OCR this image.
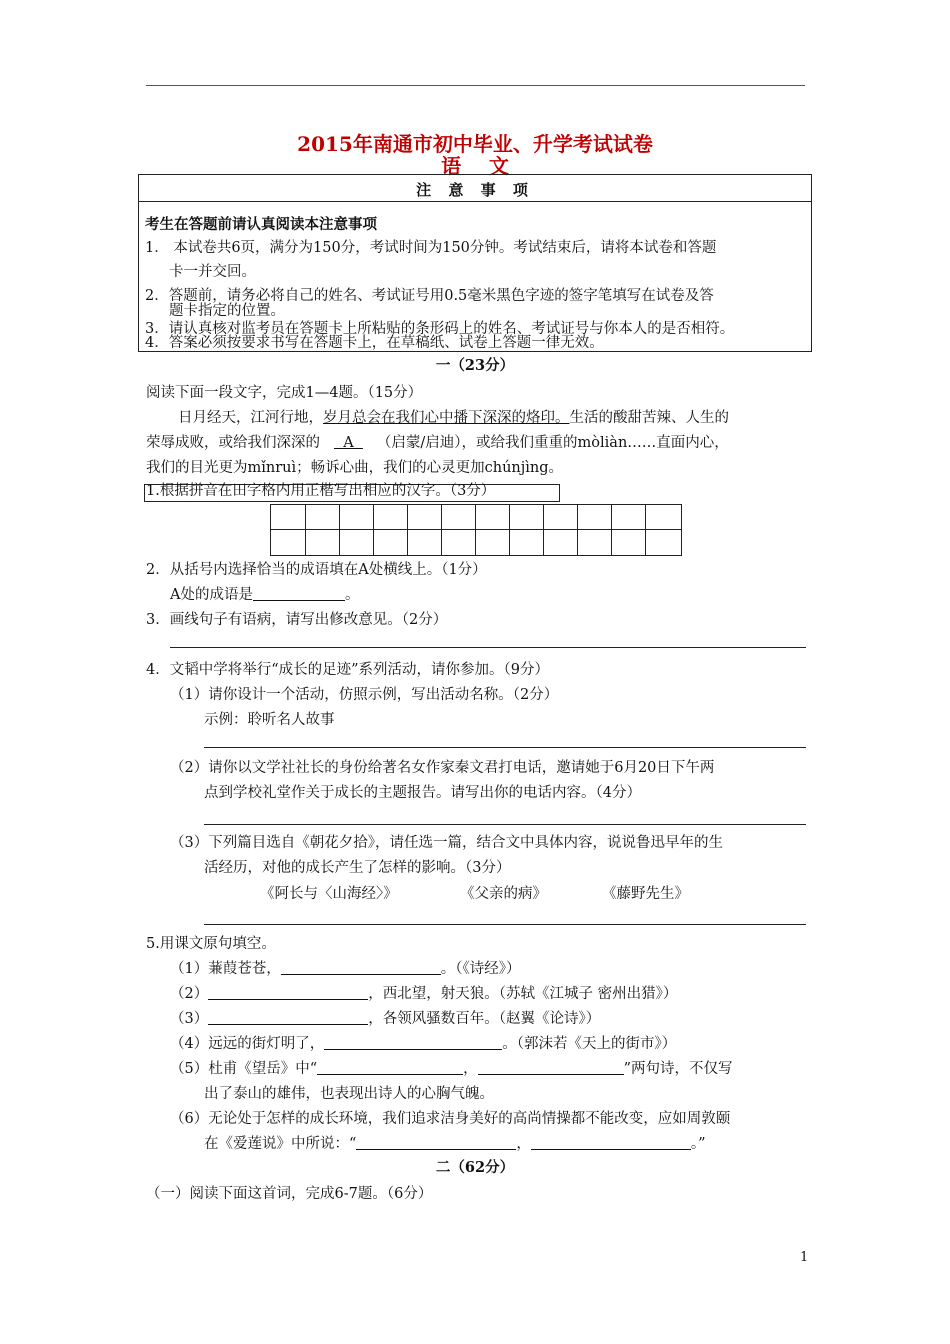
2015年南通市初中毕业、升学考试试卷
语    文
注 意 事 项
考生在答题前请认真阅读本注意事项
1． 本试卷共6页，满分为150分，考试时间为150分钟。考试结束后，请将本试卷和答题
卡一并交回。
2．答题前，请务必将自己的姓名、考试证号用0.5毫米黑色字迹的签字笔填写在试卷及答
题卡指定的位置。
3．请认真核对监考员在答题卡上所粘贴的条形码上的姓名、考试证号与你本人的是否相符。
4．答案必须按要求书写在答题卡上，在草稿纸、试卷上答题一律无效。
一（23分）
阅读下面一段文字，完成1—4题。（15分）
日月经天，江河行地，岁月总会在我们心中播下深深的烙印。生活的酸甜苦辣、人生的
荣辱成败，或给我们深深的  A  （启蒙/启迪），或给我们重重的mòliàn……直面内心，
我们的目光更为mǐnruì；畅诉心曲，我们的心灵更加chúnjìng。
1.根据拼音在田字格内用正楷写出相应的汉字。（3分）
2．从括号内选择恰当的成语填在A处横线上。（1分）
A处的成语是	。
3．画线句子有语病，请写出修改意见。（2分）
4．文韬中学将举行“成长的足迹”系列活动，请你参加。（9分）
（1）请你设计一个活动，仿照示例，写出活动名称。（2分）
示例：聆听名人故事
（2）请你以文学社社长的身份给著名女作家秦文君打电话，邀请她于6月20日下午两
点到学校礼堂作关于成长的主题报告。请写出你的电话内容。（4分）
（3）下列篇目选自《朝花夕拾》，请任选一篇，结合文中具体内容，说说鲁迅早年的生
活经历，对他的成长产生了怎样的影响。（3分）
《阿长与〈山海经〉》	《父亲的病》	《藤野先生》
5.用课文原句填空。
（1）蒹葭苍苍，	。（《诗经》）
（2）	，西北望，射天狼。（苏轼《江城子 密州出猎》）
（3）	，各领风骚数百年。（赵翼《论诗》）
（4）远远的街灯明了，	。（郭沫若《天上的街市》）
（5）杜甫《望岳》中“	，	”两句诗，不仅写
出了泰山的雄伟，也表现出诗人的心胸气魄。
（6）无论处于怎样的成长环境，我们追求洁身美好的高尚情操都不能改变，应如周敦颐
在《爱莲说》中所说：“	，	。”
二（62分）
（一）阅读下面这首词，完成6-7题。（6分）
1
